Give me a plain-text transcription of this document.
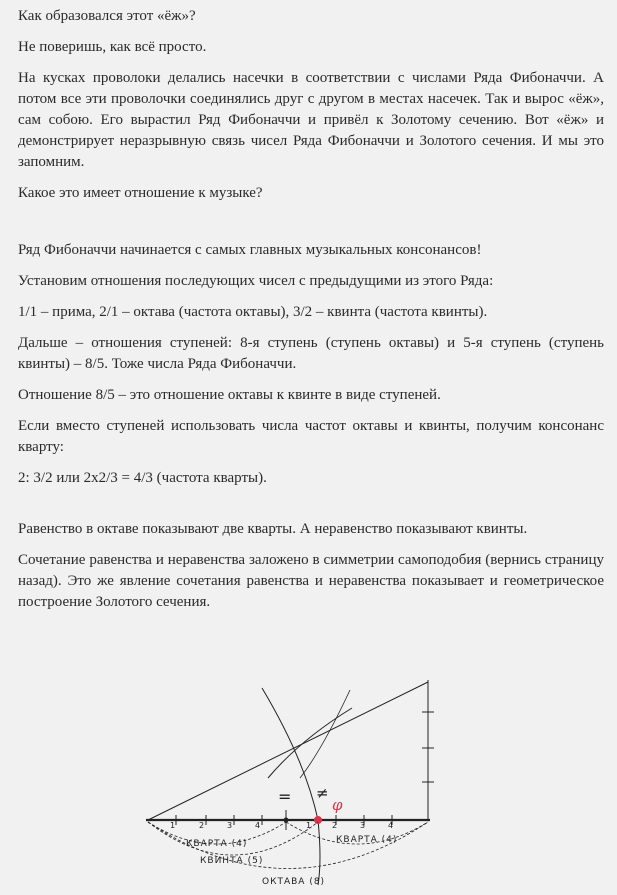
Как образовался этот «ёж»?

Не поверишь, как всё просто.

На кусках проволоки делались насечки в соответствии с числами Ряда Фибоначчи. А потом все эти проволочки соединялись друг с другом в местах насечек. Так и вырос «ёж», сам собою. Его вырастил Ряд Фибоначчи и привёл к Золотому сечению. Вот «ёж» и демонстрирует неразрывную связь чисел Ряда Фибоначчи и Золотого сечения. И мы это запомним.

Какое это имеет отношение к музыке?

Ряд Фибоначчи начинается с самых главных музыкальных консонансов!

Установим отношения последующих чисел с предыдущими из этого Ряда:

1/1 – прима, 2/1 – октава (частота октавы), 3/2 – квинта (частота квинты).

Дальше – отношения ступеней: 8-я ступень (ступень октавы) и 5-я ступень (ступень квинты) – 8/5. Тоже числа Ряда Фибоначчи.

Отношение 8/5 – это отношение октавы к квинте в виде ступеней.

Если вместо ступеней использовать числа частот октавы и квинты, получим консонанс кварту:

2: 3/2 или 2х2/3 = 4/3 (частота кварты).

Равенство в октаве показывают две кварты. А неравенство показывают квинты.

Сочетание равенства и неравенства заложено в симметрии самоподобия (вернись страницу назад). Это же явление сочетания равенства и неравенства показывает и геометрическое построение Золотого сечения.

1	2	3	4	1	2	3	4
= ≠
φ
КВАРТА (4)	КВАРТА (4)
КВИНТА (5)
ОКТАВА (8)
